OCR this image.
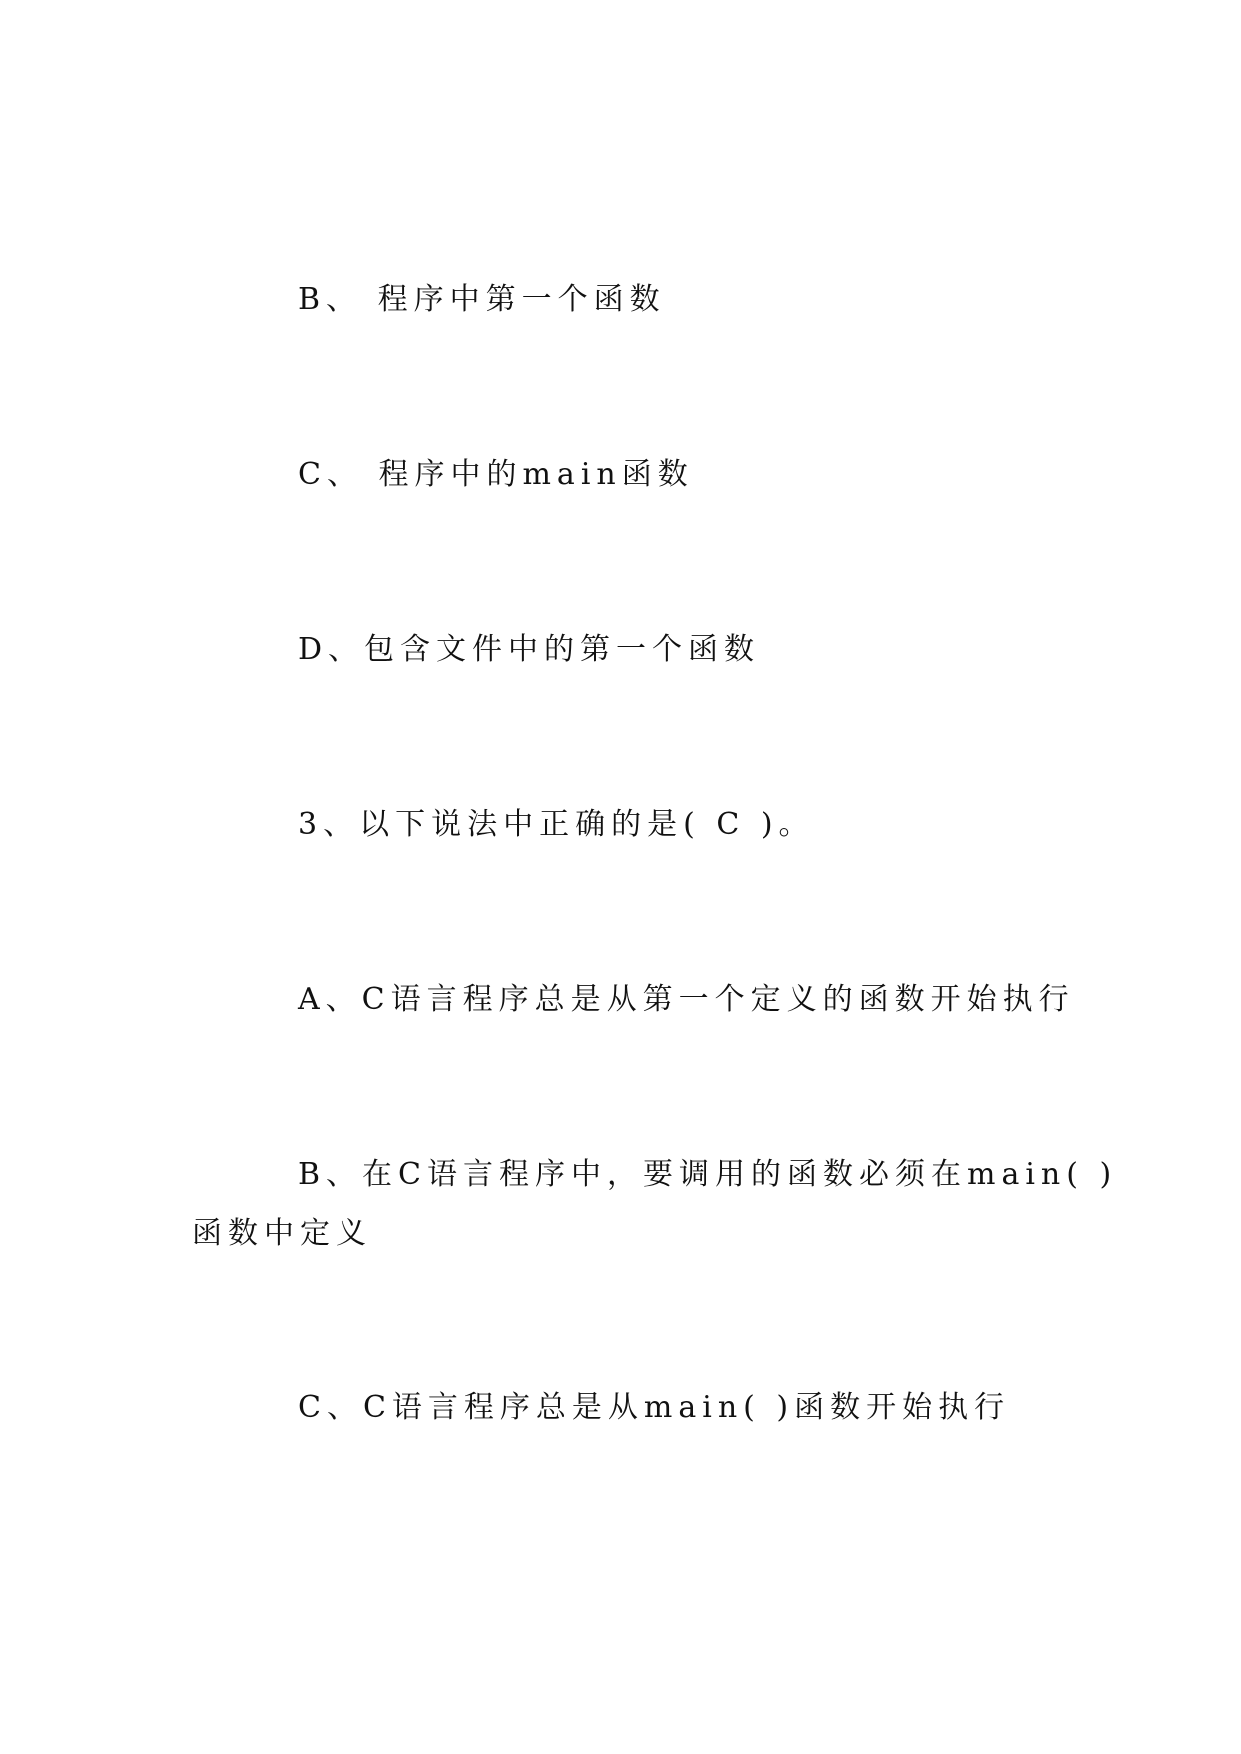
B、 程序中第一个函数
C、 程序中的main函数
D、包含文件中的第一个函数
3、以下说法中正确的是( C )。
A、C语言程序总是从第一个定义的函数开始执行
B、在C语言程序中，要调用的函数必须在main( )
函数中定义
C、C语言程序总是从main( )函数开始执行
